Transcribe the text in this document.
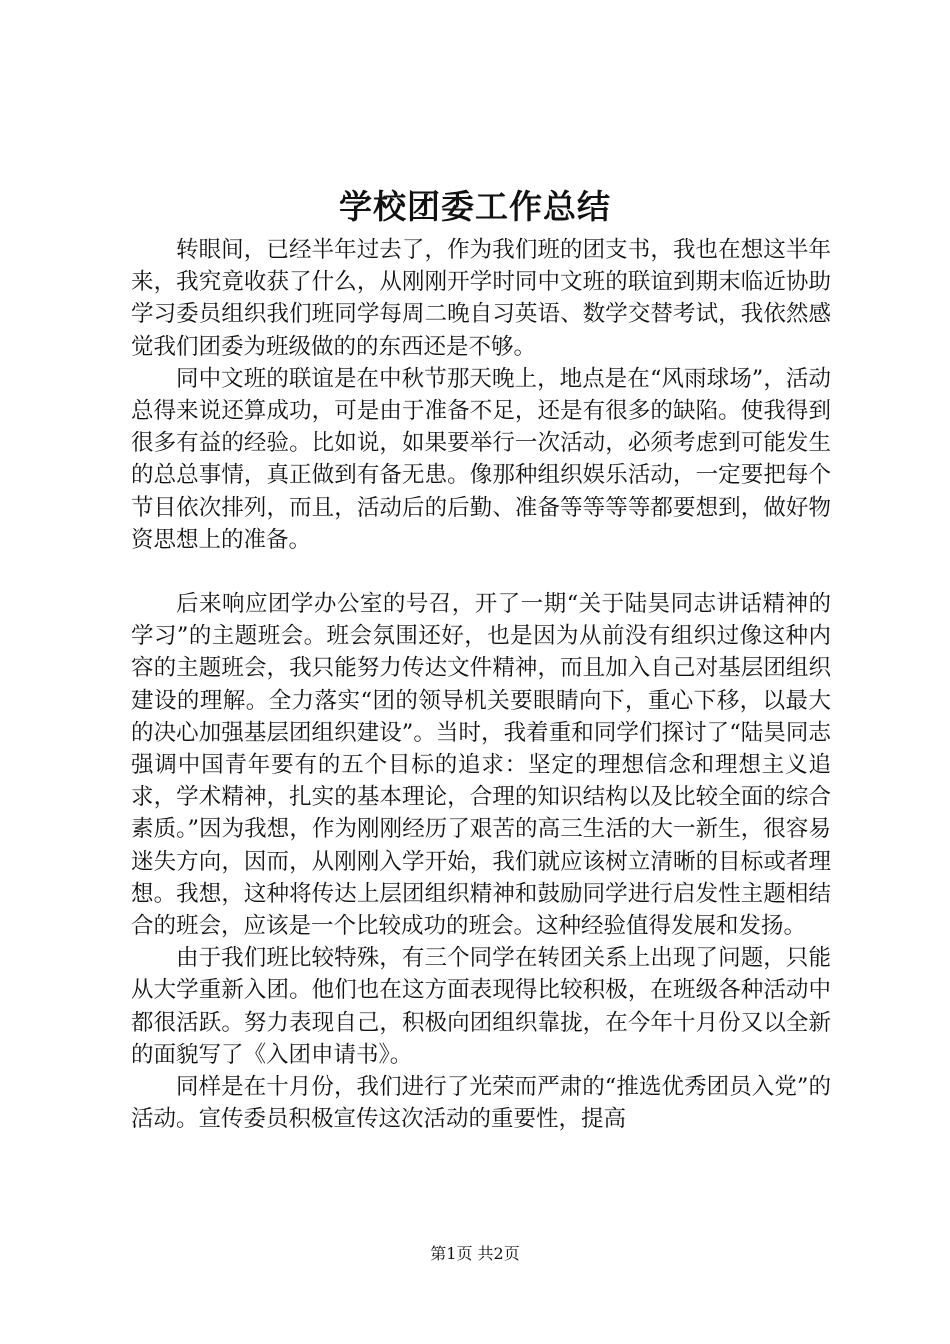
学校团委工作总结

转眼间，已经半年过去了，作为我们班的团支书，我也在想这半年来，我究竟收获了什么，从刚刚开学时同中文班的联谊到期末临近协助学习委员组织我们班同学每周二晚自习英语、数学交替考试，我依然感觉我们团委为班级做的的东西还是不够。

同中文班的联谊是在中秋节那天晚上，地点是在“风雨球场”，活动总得来说还算成功，可是由于准备不足，还是有很多的缺陷。使我得到很多有益的经验。比如说，如果要举行一次活动，必须考虑到可能发生的总总事情，真正做到有备无患。像那种组织娱乐活动，一定要把每个节目依次排列，而且，活动后的后勤、准备等等等等都要想到，做好物资思想上的准备。

后来响应团学办公室的号召，开了一期“关于陆昊同志讲话精神的学习”的主题班会。班会氛围还好，也是因为从前没有组织过像这种内容的主题班会，我只能努力传达文件精神，而且加入自己对基层团组织建设的理解。全力落实“团的领导机关要眼睛向下，重心下移，以最大的决心加强基层团组织建设”。当时，我着重和同学们探讨了“陆昊同志强调中国青年要有的五个目标的追求：坚定的理想信念和理想主义追求，学术精神，扎实的基本理论，合理的知识结构以及比较全面的综合素质。”因为我想，作为刚刚经历了艰苦的高三生活的大一新生，很容易迷失方向，因而，从刚刚入学开始，我们就应该树立清晰的目标或者理想。我想，这种将传达上层团组织精神和鼓励同学进行启发性主题相结合的班会，应该是一个比较成功的班会。这种经验值得发展和发扬。

由于我们班比较特殊，有三个同学在转团关系上出现了问题，只能从大学重新入团。他们也在这方面表现得比较积极，在班级各种活动中都很活跃。努力表现自己，积极向团组织靠拢，在今年十月份又以全新的面貌写了《入团申请书》。

同样是在十月份，我们进行了光荣而严肃的“推选优秀团员入党”的活动。宣传委员积极宣传这次活动的重要性，提高

第1页 共2页
